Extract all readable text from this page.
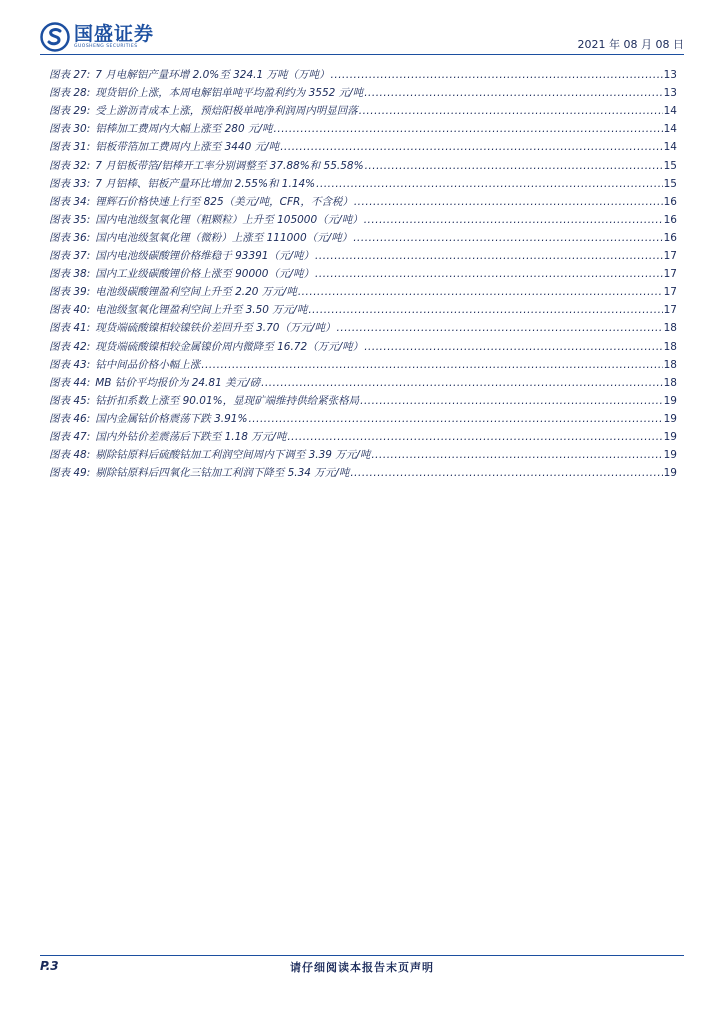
国盛证券
GUOSHENG SECURITIES	2021 年 08 月 08 日
图表 27: 7 月电解铝产量环增 2.0%至 324.1 万吨（万吨） .....	13
图表 28: 现货铝价上涨，本周电解铝单吨平均盈利约为 3552 元/吨 .....	13
图表 29: 受上游沥青成本上涨，预焙阳极单吨净利润周内明显回落 .....	14
图表 30: 铝棒加工费周内大幅上涨至 280 元/吨 .....	14
图表 31: 铝板带箔加工费周内上涨至 3440 元/吨 .....	14
图表 32: 7 月铝板带箔/铝棒开工率分别调整至 37.88%和 55.58% .....	15
图表 33: 7 月铝棒、铝板产量环比增加 2.55%和 1.14% .....	15
图表 34: 锂辉石价格快速上行至 825（美元/吨，CFR，不含税） .....	16
图表 35: 国内电池级氢氧化锂（粗颗粒）上升至 105000（元/吨） .....	16
图表 36: 国内电池级氢氧化锂（微粉）上涨至 111000（元/吨） .....	16
图表 37: 国内电池级碳酸锂价格维稳于 93391（元/吨） .....	17
图表 38: 国内工业级碳酸锂价格上涨至 90000（元/吨） .....	17
图表 39: 电池级碳酸锂盈利空间上升至 2.20 万元/吨 .....	17
图表 40: 电池级氢氧化锂盈利空间上升至 3.50 万元/吨 .....	17
图表 41: 现货端硫酸镍相较镍铁价差回升至 3.70（万元/吨） .....	18
图表 42: 现货端硫酸镍相较金属镍价周内微降至 16.72（万元/吨） .....	18
图表 43: 钴中间品价格小幅上涨 .....	18
图表 44: MB 钴价平均报价为 24.81 美元/磅 .....	18
图表 45: 钴折扣系数上涨至 90.01%，显现矿端维持供给紧张格局 .....	19
图表 46: 国内金属钴价格震荡下跌 3.91% .....	19
图表 47: 国内外钴价差震荡后下跌至 1.18 万元/吨 .....	19
图表 48: 剔除钴原料后硫酸钴加工利润空间周内下调至 3.39 万元/吨 .....	19
图表 49: 剔除钴原料后四氧化三钴加工利润下降至 5.34 万元/吨 .....	19
P.3	请仔细阅读本报告末页声明
